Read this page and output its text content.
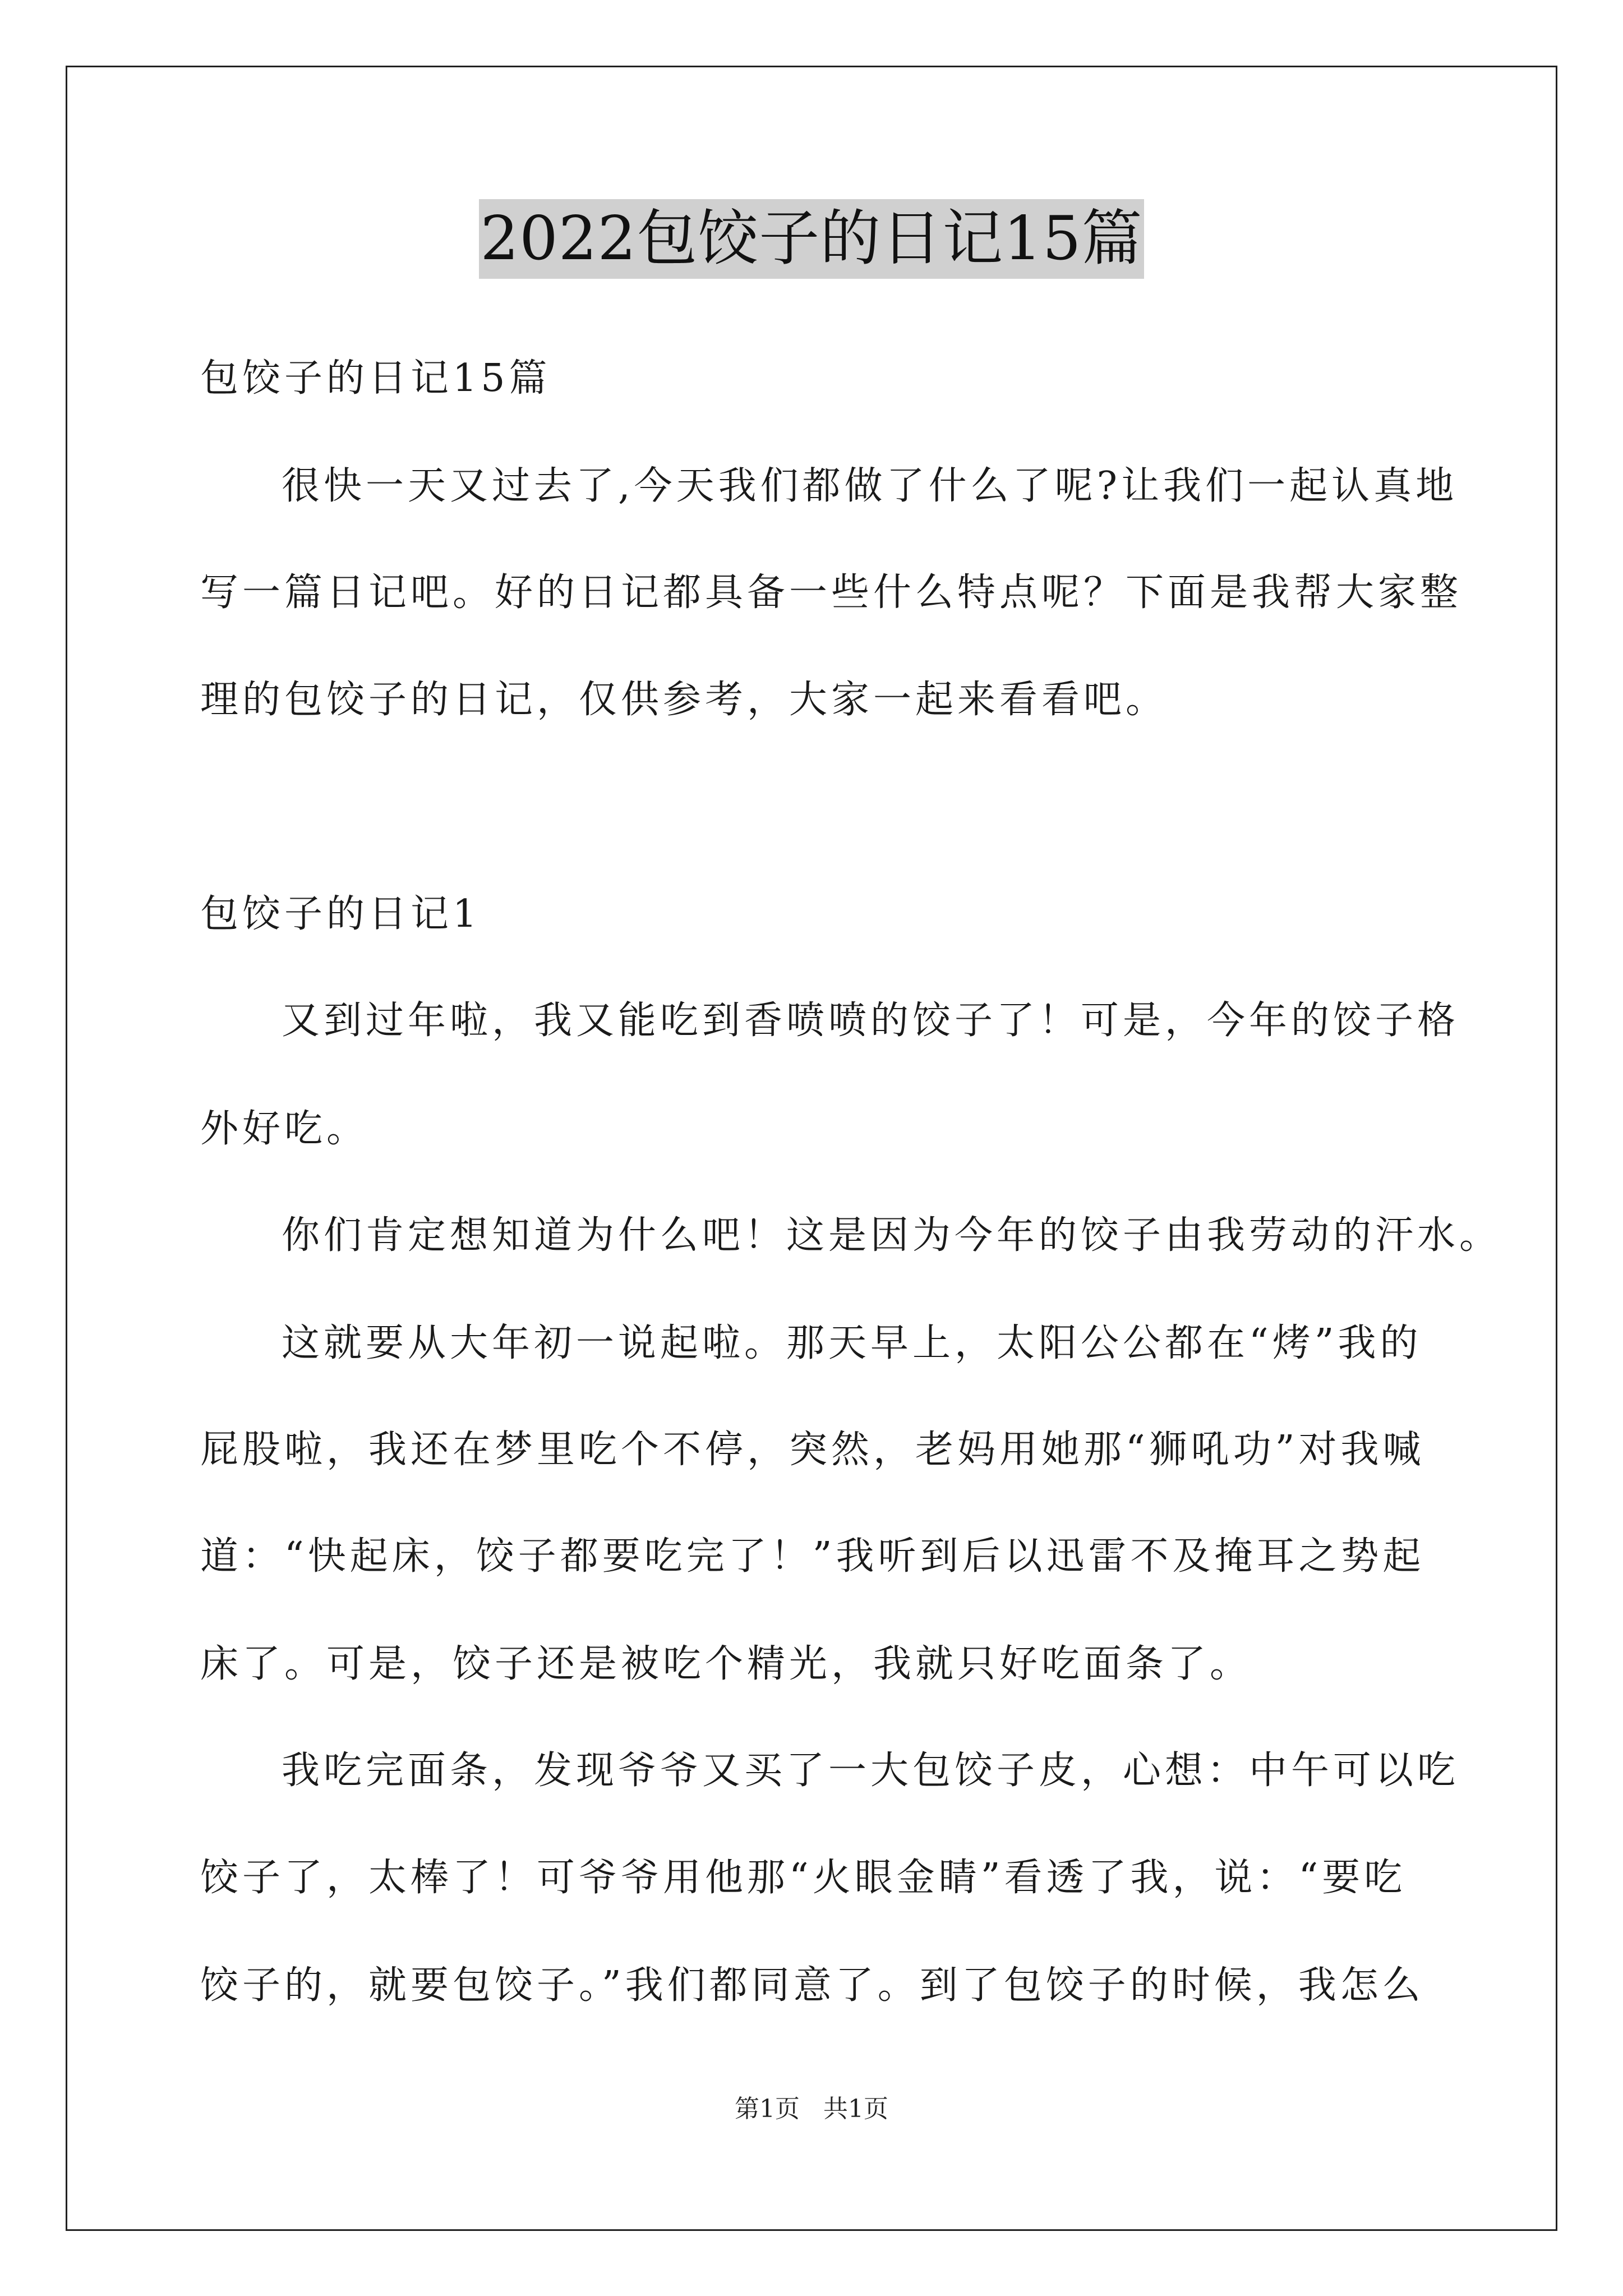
2022包饺子的日记15篇
包饺子的日记15篇
很快一天又过去了,今天我们都做了什么了呢?让我们一起认真地
写一篇日记吧。好的日记都具备一些什么特点呢？下面是我帮大家整
理的包饺子的日记，仅供参考，大家一起来看看吧。
包饺子的日记1
又到过年啦，我又能吃到香喷喷的饺子了！可是，今年的饺子格
外好吃。
你们肯定想知道为什么吧！这是因为今年的饺子由我劳动的汗水。
这就要从大年初一说起啦。那天早上，太阳公公都在“烤”我的
屁股啦，我还在梦里吃个不停，突然，老妈用她那“狮吼功”对我喊
道：“快起床，饺子都要吃完了！”我听到后以迅雷不及掩耳之势起
床了。可是，饺子还是被吃个精光，我就只好吃面条了。
我吃完面条，发现爷爷又买了一大包饺子皮，心想：中午可以吃
饺子了，太棒了！可爷爷用他那“火眼金睛”看透了我，说：“要吃
饺子的，就要包饺子。”我们都同意了。到了包饺子的时候，我怎么
第1页 共1页
